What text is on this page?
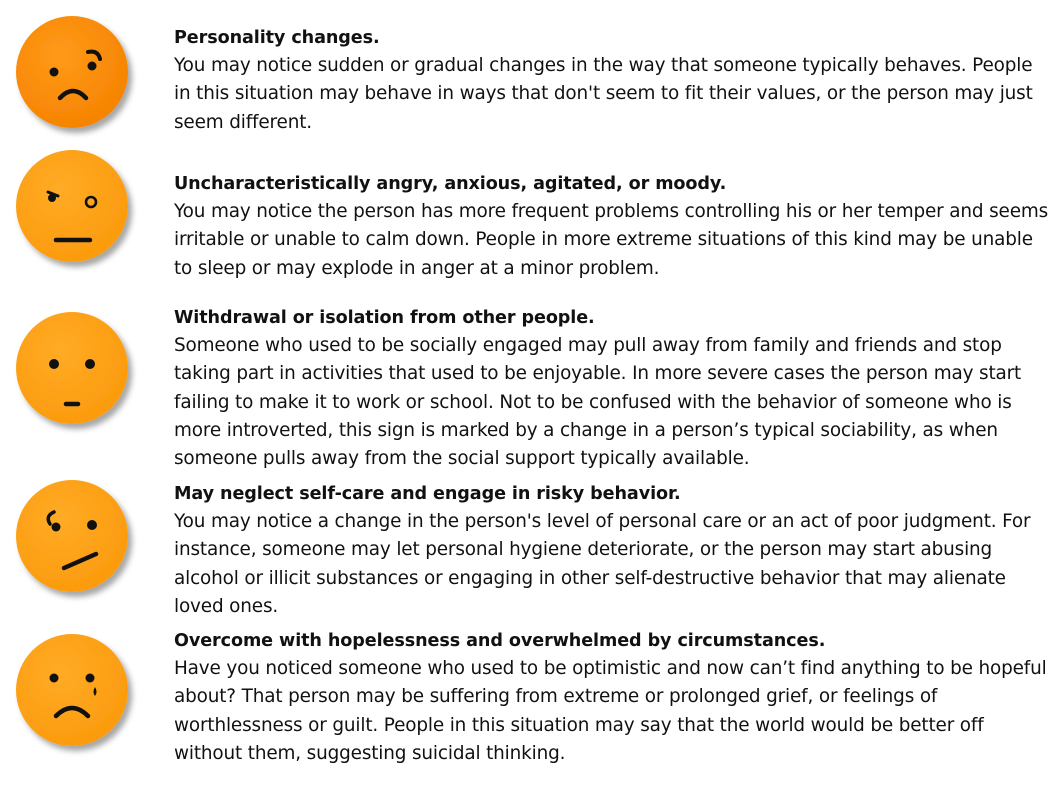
Personality changes.
You may notice sudden or gradual changes in the way that someone typically behaves. People in this situation may behave in ways that don't seem to fit their values, or the person may just seem different.
Uncharacteristically angry, anxious, agitated, or moody.
You may notice the person has more frequent problems controlling his or her temper and seems irritable or unable to calm down. People in more extreme situations of this kind may be unable to sleep or may explode in anger at a minor problem.
Withdrawal or isolation from other people.
Someone who used to be socially engaged may pull away from family and friends and stop taking part in activities that used to be enjoyable. In more severe cases the person may start failing to make it to work or school. Not to be confused with the behavior of someone who is more introverted, this sign is marked by a change in a person’s typical sociability, as when someone pulls away from the social support typically available.
May neglect self-care and engage in risky behavior.
You may notice a change in the person's level of personal care or an act of poor judgment. For instance, someone may let personal hygiene deteriorate, or the person may start abusing alcohol or illicit substances or engaging in other self-destructive behavior that may alienate loved ones.
Overcome with hopelessness and overwhelmed by circumstances.
Have you noticed someone who used to be optimistic and now can’t find anything to be hopeful about? That person may be suffering from extreme or prolonged grief, or feelings of worthlessness or guilt. People in this situation may say that the world would be better off without them, suggesting suicidal thinking.
